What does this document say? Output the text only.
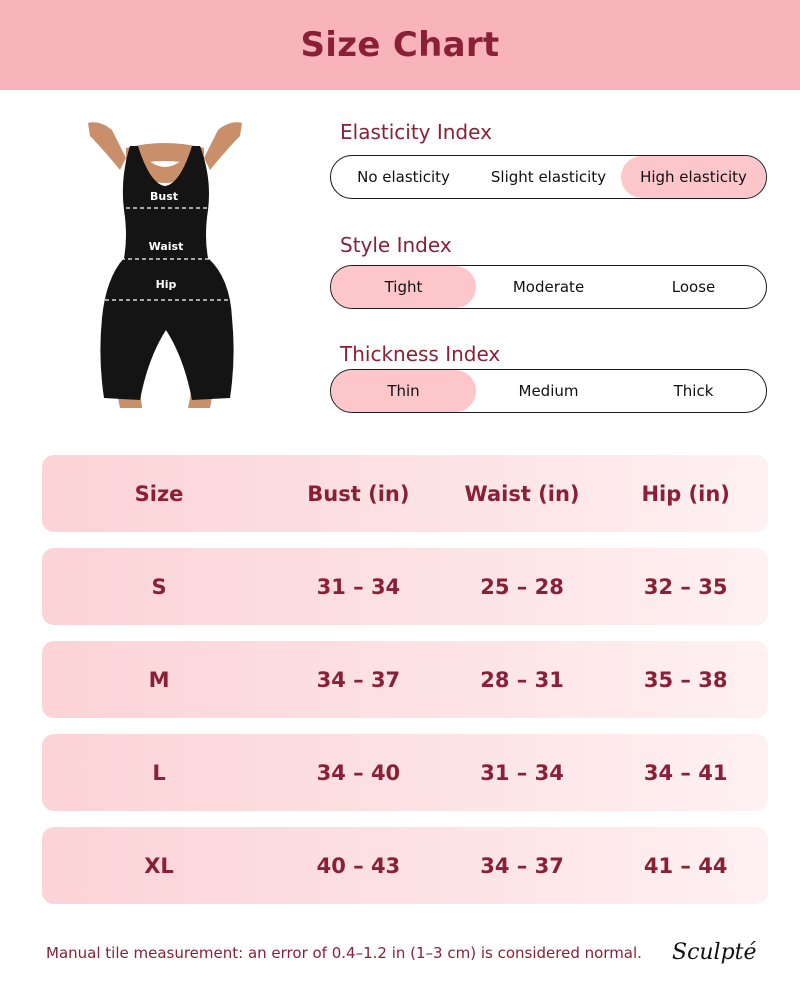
Size Chart
Bust
Waist
Hip
Elasticity Index
No elasticity	Slight elasticity	High elasticity
Style Index
Tight	Moderate	Loose
Thickness Index
Thin	Medium	Thick
Size	Bust (in)	Waist (in)	Hip (in)
S	31 – 34	25 – 28	32 – 35
M	34 – 37	28 – 31	35 – 38
L	34 – 40	31 – 34	34 – 41
XL	40 – 43	34 – 37	41 – 44
Manual tile measurement: an error of 0.4–1.2 in (1–3 cm) is considered normal. Sculpté
